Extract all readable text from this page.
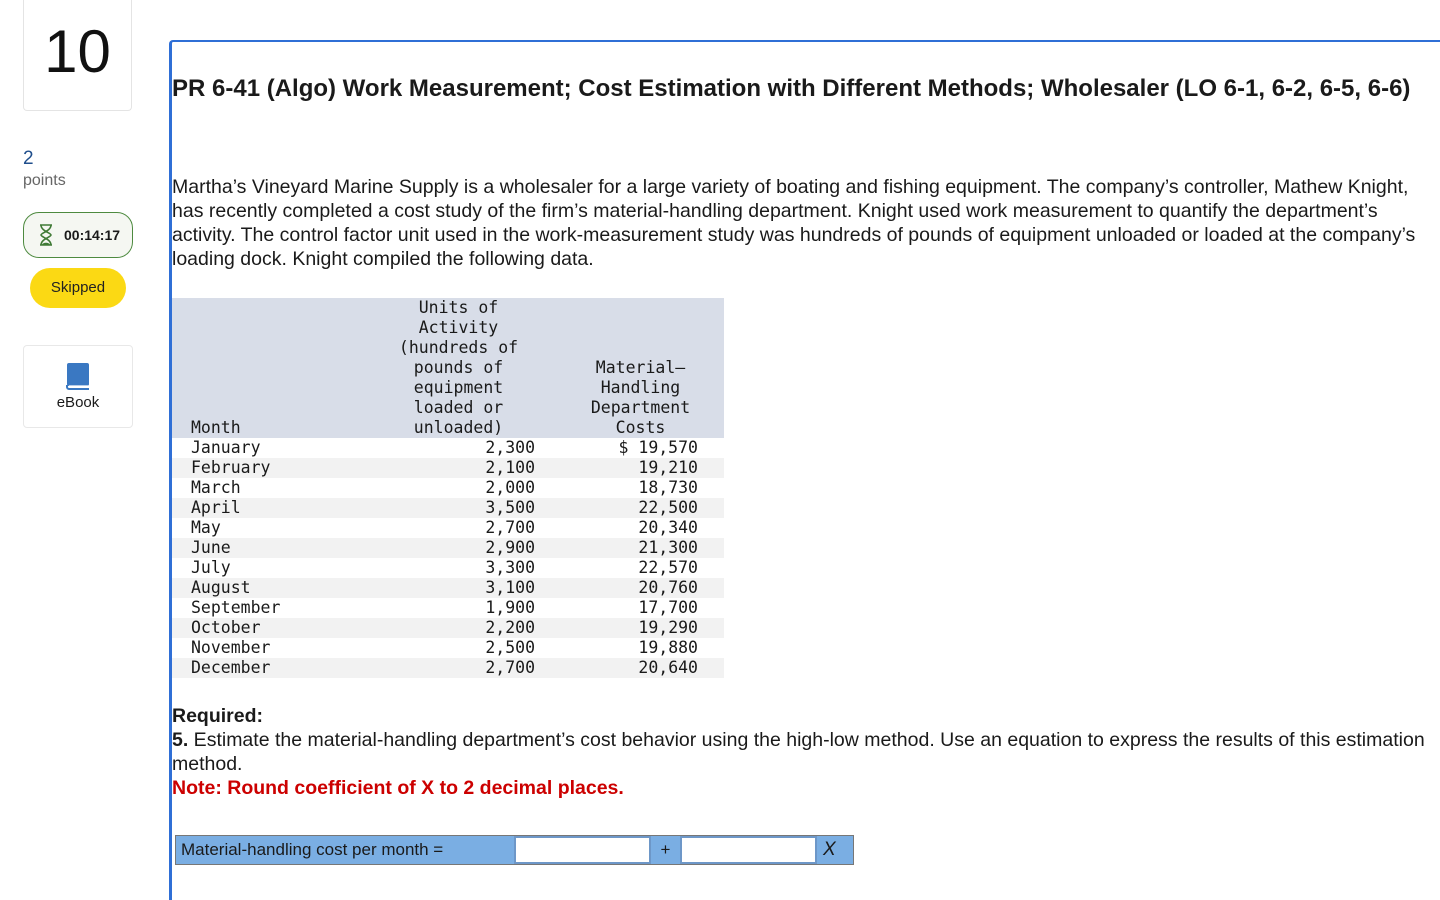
10
2
points
00:14:17
Skipped
eBook
PR 6-41 (Algo) Work Measurement; Cost Estimation with Different Methods; Wholesaler (LO 6-1, 6-2, 6-5, 6-6)
Martha’s Vineyard Marine Supply is a wholesaler for a large variety of boating and fishing equipment. The company’s controller, Mathew Knight, has recently completed a cost study of the firm’s material-handling department. Knight used work measurement to quantify the department’s activity. The control factor unit used in the work-measurement study was hundreds of pounds of equipment unloaded or loaded at the company’s loading dock. Knight compiled the following data.
Month	Units of Activity (hundreds of pounds of equipment loaded or unloaded)	Material–Handling Department Costs

January	2,300	$ 19,570
February	2,100	19,210
March	2,000	18,730
April	3,500	22,500
May	2,700	20,340
June	2,900	21,300
July	3,300	22,570
August	3,100	20,760
September	1,900	17,700
October	2,200	19,290
November	2,500	19,880
December	2,700	20,640
Required:
5. Estimate the material-handling department’s cost behavior using the high-low method. Use an equation to express the results of this estimation method.
Note: Round coefficient of X to 2 decimal places.
Material-handling cost per month =	+	X
